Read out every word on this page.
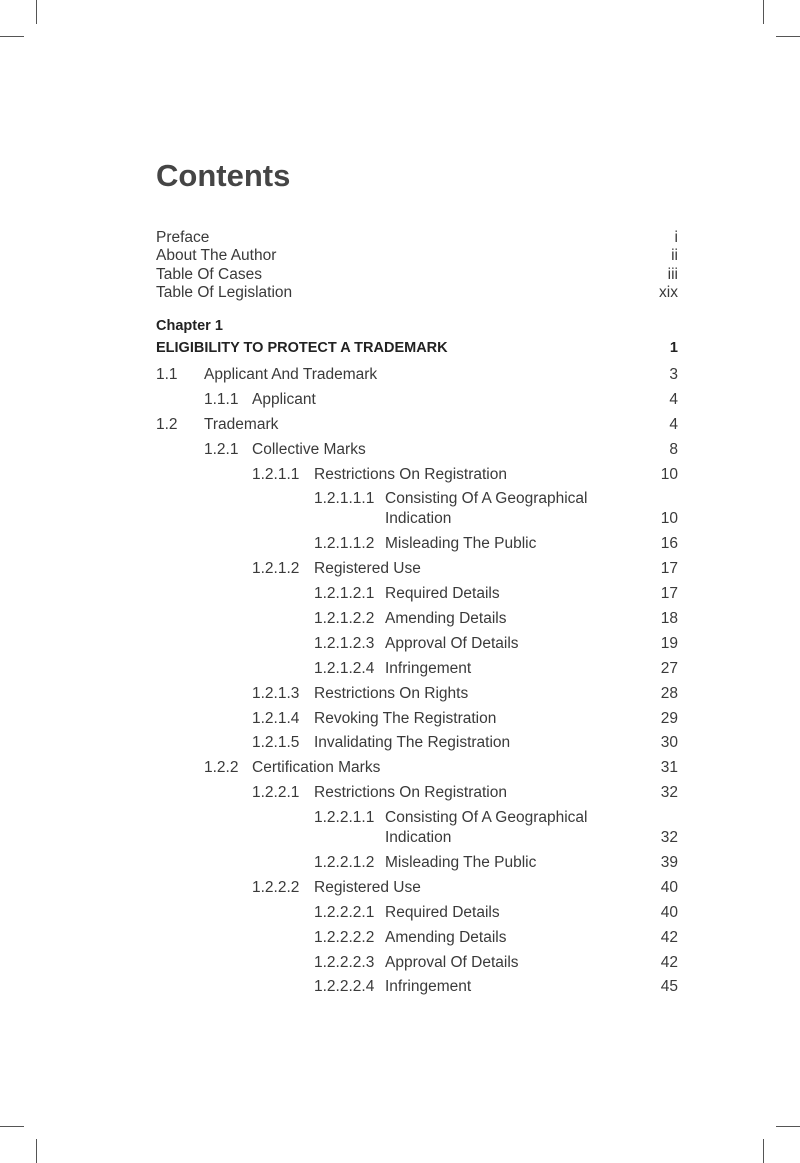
Contents
Preface	i
About The Author	ii
Table Of Cases	iii
Table Of Legislation	xix
Chapter 1
ELIGIBILITY TO PROTECT A TRADEMARK	1
1.1 Applicant And Trademark	3
1.1.1 Applicant	4
1.2 Trademark	4
1.2.1 Collective Marks	8
1.2.1.1 Restrictions On Registration	10
1.2.1.1.1 Consisting Of A Geographical
Indication	10
1.2.1.1.2 Misleading The Public	16
1.2.1.2 Registered Use	17
1.2.1.2.1 Required Details	17
1.2.1.2.2 Amending Details	18
1.2.1.2.3 Approval Of Details	19
1.2.1.2.4 Infringement	27
1.2.1.3 Restrictions On Rights	28
1.2.1.4 Revoking The Registration	29
1.2.1.5 Invalidating The Registration	30
1.2.2 Certification Marks	31
1.2.2.1 Restrictions On Registration	32
1.2.2.1.1 Consisting Of A Geographical
Indication	32
1.2.2.1.2 Misleading The Public	39
1.2.2.2 Registered Use	40
1.2.2.2.1 Required Details	40
1.2.2.2.2 Amending Details	42
1.2.2.2.3 Approval Of Details	42
1.2.2.2.4 Infringement	45
